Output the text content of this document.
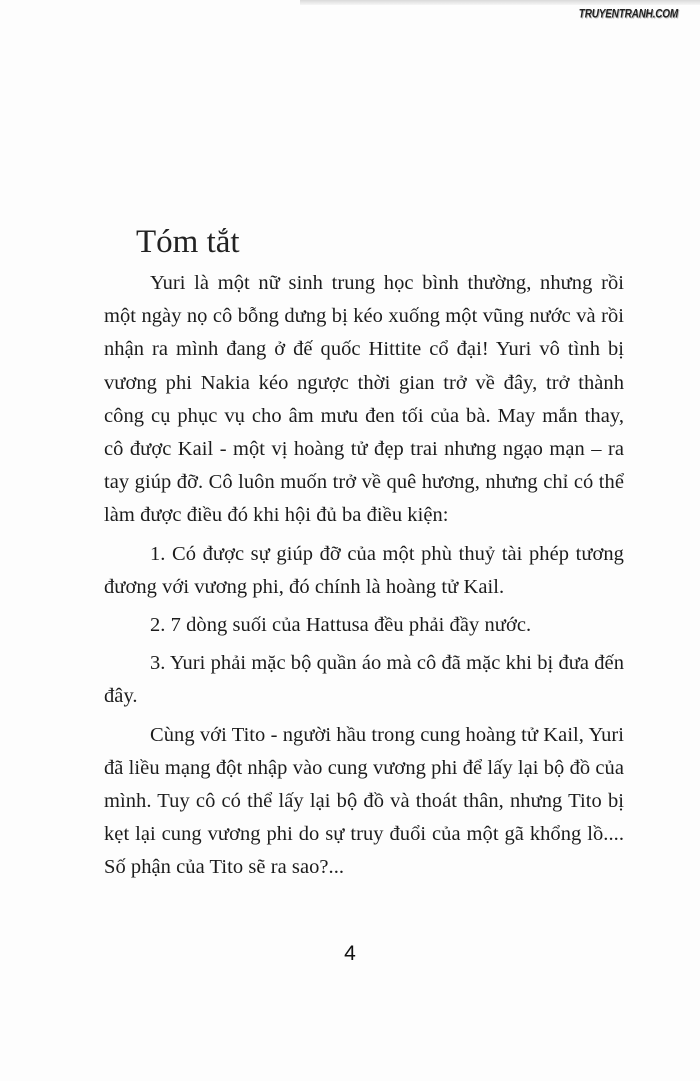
TRUYENTRANH.COM
Tóm tắt

Yuri là một nữ sinh trung học bình thường, nhưng rồi một ngày nọ cô bỗng dưng bị kéo xuống một vũng nước và rồi nhận ra mình đang ở đế quốc Hittite cổ đại! Yuri vô tình bị vương phi Nakia kéo ngược thời gian trở về đây, trở thành công cụ phục vụ cho âm mưu đen tối của bà. May mắn thay, cô được Kail - một vị hoàng tử đẹp trai nhưng ngạo mạn – ra tay giúp đỡ. Cô luôn muốn trở về quê hương, nhưng chỉ có thể làm được điều đó khi hội đủ ba điều kiện:

1. Có được sự giúp đỡ của một phù thuỷ tài phép tương đương với vương phi, đó chính là hoàng tử Kail.

2. 7 dòng suối của Hattusa đều phải đầy nước.

3. Yuri phải mặc bộ quần áo mà cô đã mặc khi bị đưa đến đây.

Cùng với Tito - người hầu trong cung hoàng tử Kail, Yuri đã liều mạng đột nhập vào cung vương phi để lấy lại bộ đồ của mình. Tuy cô có thể lấy lại bộ đồ và thoát thân, nhưng Tito bị kẹt lại cung vương phi do sự truy đuổi của một gã khổng lồ.... Số phận của Tito sẽ ra sao?...

4
